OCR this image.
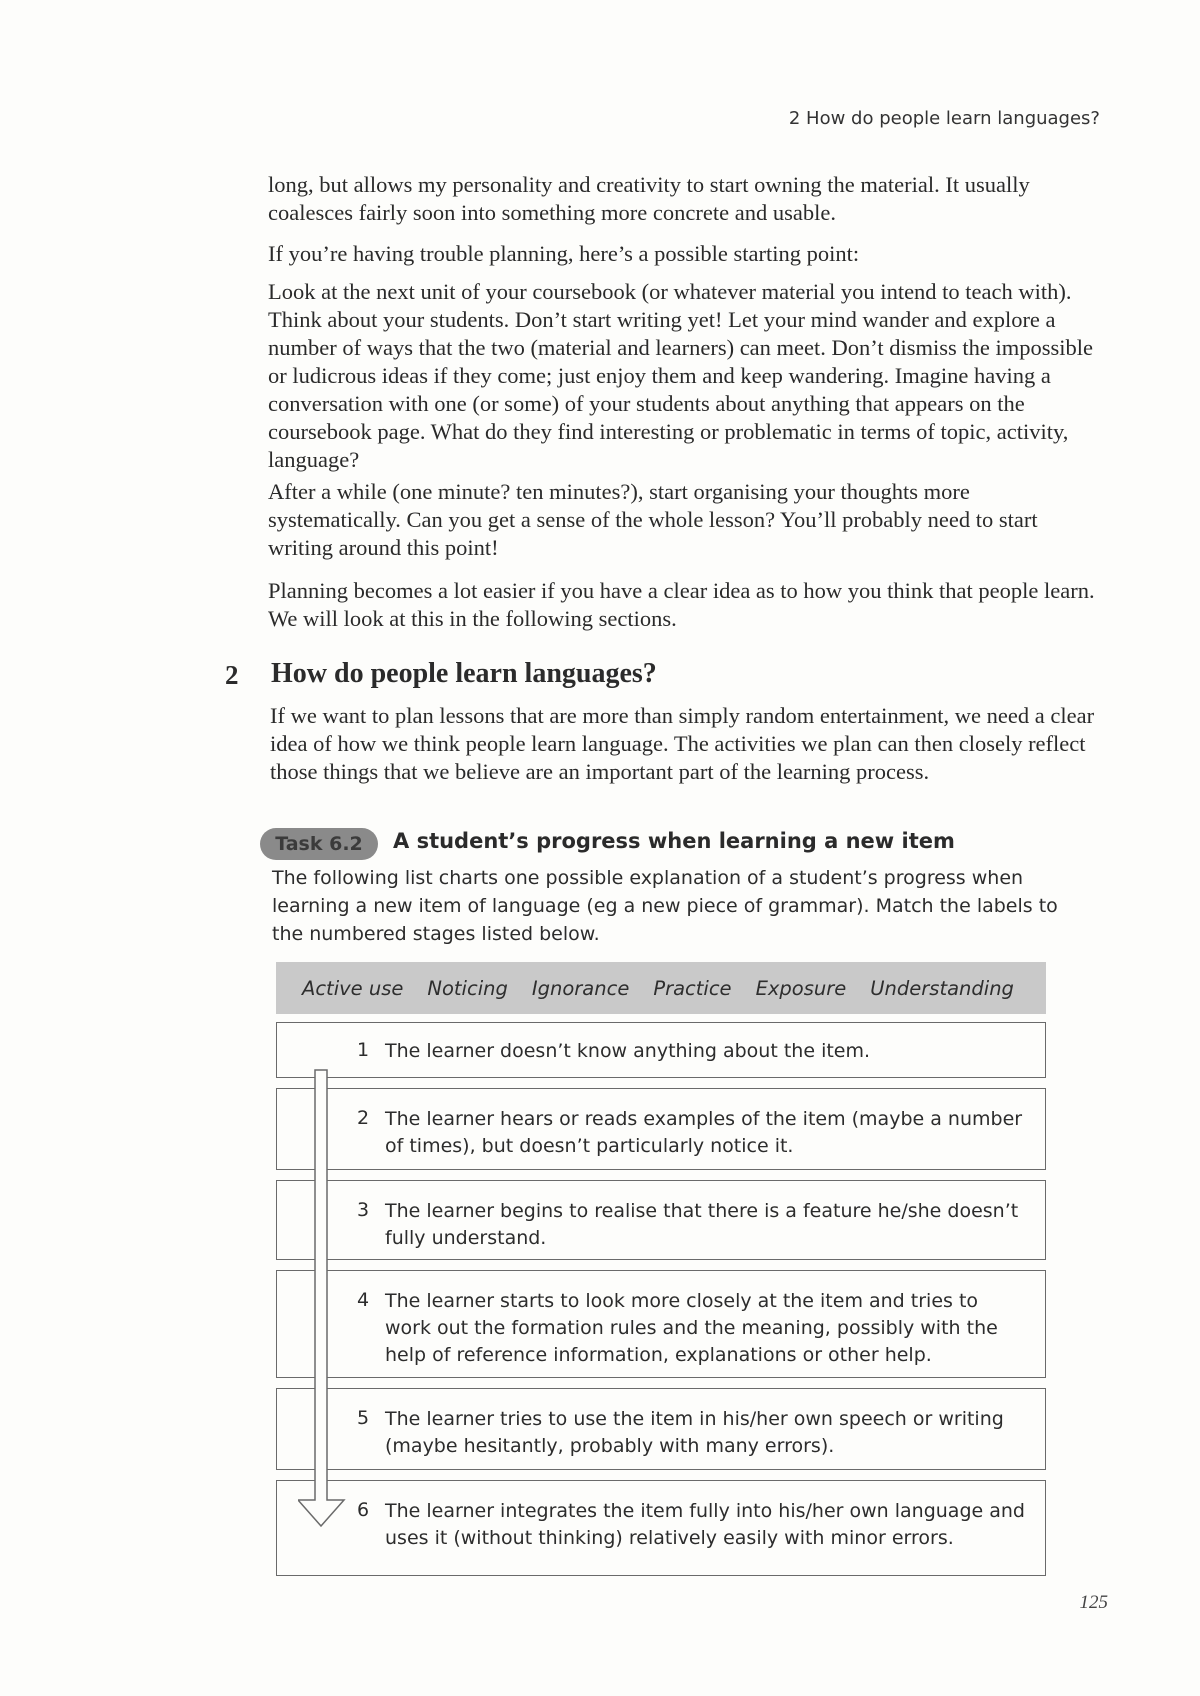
2 How do people learn languages?

long, but allows my personality and creativity to start owning the material. It usually coalesces fairly soon into something more concrete and usable.

If you’re having trouble planning, here’s a possible starting point:

Look at the next unit of your coursebook (or whatever material you intend to teach with). Think about your students. Don’t start writing yet! Let your mind wander and explore a number of ways that the two (material and learners) can meet. Don’t dismiss the impossible or ludicrous ideas if they come; just enjoy them and keep wandering. Imagine having a conversation with one (or some) of your students about anything that appears on the coursebook page. What do they find interesting or problematic in terms of topic, activity, language?

After a while (one minute? ten minutes?), start organising your thoughts more systematically. Can you get a sense of the whole lesson? You’ll probably need to start writing around this point!

Planning becomes a lot easier if you have a clear idea as to how you think that people learn. We will look at this in the following sections.

2 How do people learn languages?

If we want to plan lessons that are more than simply random entertainment, we need a clear idea of how we think people learn language. The activities we plan can then closely reflect those things that we believe are an important part of the learning process.

Task 6.2	A student’s progress when learning a new item

The following list charts one possible explanation of a student’s progress when learning a new item of language (eg a new piece of grammar). Match the labels to the numbered stages listed below.

Active use Noticing Ignorance Practice Exposure Understanding
1 The learner doesn’t know anything about the item.

2 The learner hears or reads examples of the item (maybe a number of times), but doesn’t particularly notice it.

3 The learner begins to realise that there is a feature he/she doesn’t fully understand.

4 The learner starts to look more closely at the item and tries to work out the formation rules and the meaning, possibly with the help of reference information, explanations or other help.

5 The learner tries to use the item in his/her own speech or writing (maybe hesitantly, probably with many errors).

6 The learner integrates the item fully into his/her own language and uses it (without thinking) relatively easily with minor errors.

125
